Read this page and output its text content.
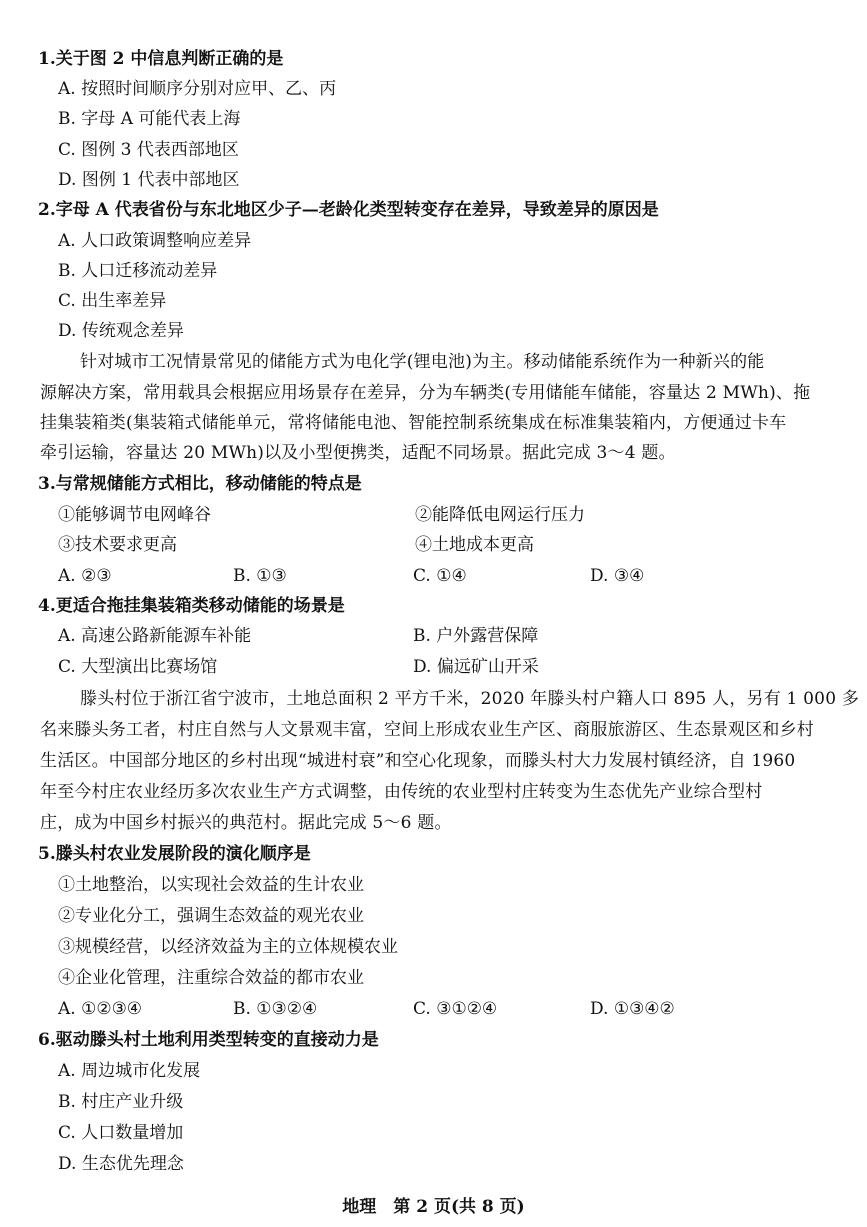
1.关于图 2 中信息判断正确的是
A. 按照时间顺序分别对应甲、乙、丙
B. 字母 A 可能代表上海
C. 图例 3 代表西部地区
D. 图例 1 代表中部地区
2.字母 A 代表省份与东北地区少子—老龄化类型转变存在差异，导致差异的原因是
A. 人口政策调整响应差异
B. 人口迁移流动差异
C. 出生率差异
D. 传统观念差异
针对城市工况情景常见的储能方式为电化学(锂电池)为主。移动储能系统作为一种新兴的能
源解决方案，常用载具会根据应用场景存在差异，分为车辆类(专用储能车储能，容量达 2 MWh)、拖
挂集装箱类(集装箱式储能单元，常将储能电池、智能控制系统集成在标准集装箱内，方便通过卡车
牵引运输，容量达 20 MWh)以及小型便携类，适配不同场景。据此完成 3～4 题。
3.与常规储能方式相比，移动储能的特点是
①能够调节电网峰谷	②能降低电网运行压力
③技术要求更高	④土地成本更高
A. ②③	B. ①③	C. ①④	D. ③④
4.更适合拖挂集装箱类移动储能的场景是
A. 高速公路新能源车补能	B. 户外露营保障
C. 大型演出比赛场馆	D. 偏远矿山开采
滕头村位于浙江省宁波市，土地总面积 2 平方千米，2020 年滕头村户籍人口 895 人，另有 1 000 多
名来滕头务工者，村庄自然与人文景观丰富，空间上形成农业生产区、商服旅游区、生态景观区和乡村
生活区。中国部分地区的乡村出现“城进村衰”和空心化现象，而滕头村大力发展村镇经济，自 1960
年至今村庄农业经历多次农业生产方式调整，由传统的农业型村庄转变为生态优先产业综合型村
庄，成为中国乡村振兴的典范村。据此完成 5～6 题。
5.滕头村农业发展阶段的演化顺序是
①土地整治，以实现社会效益的生计农业
②专业化分工，强调生态效益的观光农业
③规模经营，以经济效益为主的立体规模农业
④企业化管理，注重综合效益的都市农业
A. ①②③④	B. ①③②④	C. ③①②④	D. ①③④②
6.驱动滕头村土地利用类型转变的直接动力是
A. 周边城市化发展
B. 村庄产业升级
C. 人口数量增加
D. 生态优先理念
地理　第 2 页(共 8 页)
